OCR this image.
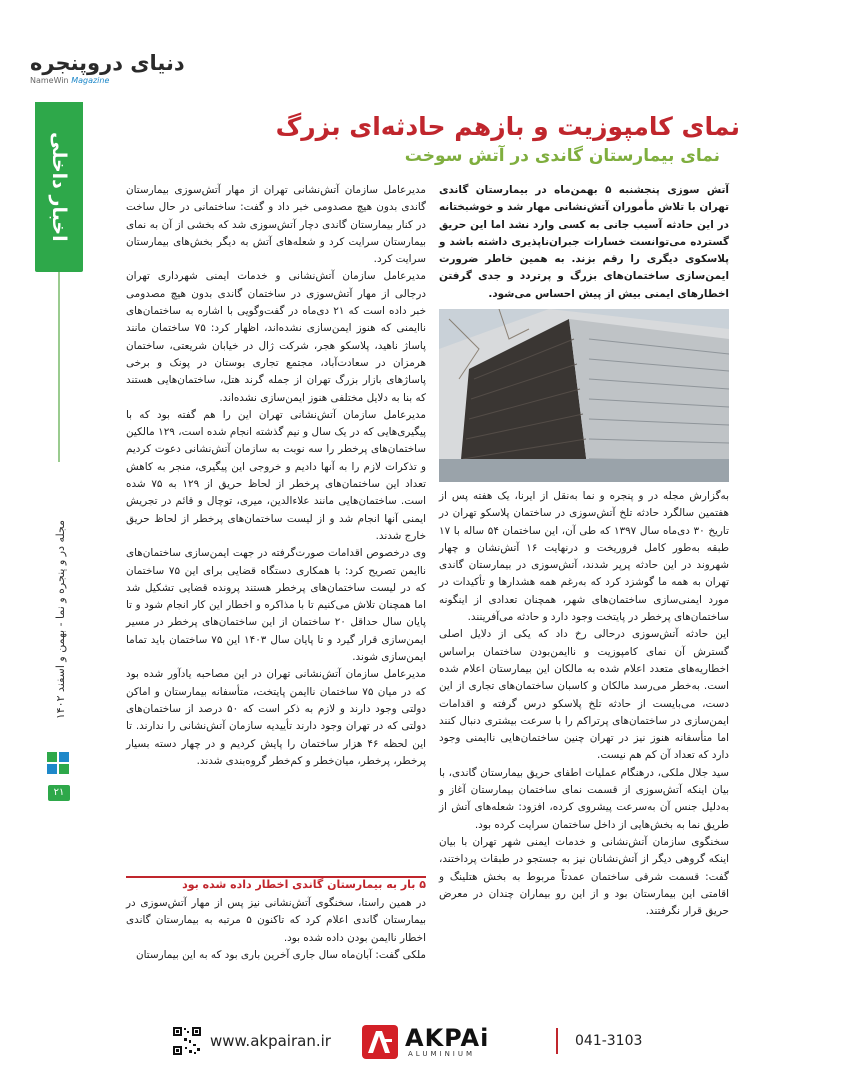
دنیای دروپنجره
NameWin Magazine
اخبار داخلی
مجله در و پنجره و نما - بهمن و اسفند ۱۴۰۲
۲۱
نمای کامپوزیت و بازهم حادثه‌ای بزرگ
نمای بیمارستان گاندی در آتش سوخت

آتش سوزی پنجشنبه ۵ بهمن‌ماه در بیمارستان گاندی تهران با تلاش مأموران آتش‌نشانی مهار شد و خوشبختانه در این حادثه آسیب جانی به کسی وارد نشد اما این حریق گسترده می‌توانست خسارات جبران‌ناپذیری داشته باشد و پلاسکوی دیگری را رقم بزند. به همین خاطر ضرورت ایمن‌سازی ساختمان‌های بزرگ و پرتردد و جدی گرفتن اخطارهای ایمنی بیش از پیش احساس می‌شود.

به‌گزارش مجله در و پنجره و نما به‌نقل از ایرنا، یک هفته پس از هفتمین سالگرد حادثه تلخ آتش‌سوزی در ساختمان پلاسکو تهران در تاریخ ۳۰ دی‌ماه سال ۱۳۹۷ که طی آن، این ساختمان ۵۴ ساله با ۱۷ طبقه به‌طور کامل فروریخت و درنهایت ۱۶ آتش‌نشان و چهار شهروند در این حادثه پرپر شدند، آتش‌سوزی در بیمارستان گاندی تهران به همه ما گوشزد کرد که به‌رغم همه هشدارها و تأکیدات در مورد ایمنی‌سازی ساختمان‌های شهر، همچنان تعدادی از اینگونه ساختمان‌های پرخطر در پایتخت وجود دارد و حادثه می‌آفرینند.

این حادثه آتش‌سوزی درحالی رخ داد که یکی از دلایل اصلی گسترش آن نمای کامپوزیت و ناایمن‌بودن ساختمان براساس اخطاریه‌های متعدد اعلام شده به مالکان این بیمارستان اعلام شده است. به‌خطر می‌رسد مالکان و کاسبان ساختمان‌های تجاری از این دست، می‌بایست از حادثه تلخ پلاسکو درس گرفته و اقدامات ایمن‌سازی در ساختمان‌های پرتراکم را با سرعت بیشتری دنبال کنند اما متأسفانه هنوز نیز در تهران چنین ساختمان‌هایی ناایمنی وجود دارد که تعداد آن کم هم نیست.

سید جلال ملکی، درهنگام عملیات اطفای حریق بیمارستان گاندی، با بیان اینکه آتش‌سوزی از قسمت نمای ساختمان بیمارستان آغاز و به‌دلیل جنس آن به‌سرعت پیشروی کرده، افزود: شعله‌های آتش از طریق نما به بخش‌هایی از داخل ساختمان سرایت کرده بود.

سخنگوی سازمان آتش‌نشانی و خدمات ایمنی شهر تهران با بیان اینکه گروهی دیگر از آتش‌نشانان نیز به جستجو در طبقات پرداختند، گفت: قسمت شرقی ساختمان عمدتاً مربوط به بخش هتلینگ و اقامتی این بیمارستان بود و از این رو بیماران چندان در معرض حریق قرار نگرفتند.

مدیرعامل سازمان آتش‌نشانی تهران از مهار آتش‌سوزی بیمارستان گاندی بدون هیچ مصدومی خبر داد و گفت: ساختمانی در حال ساخت در کنار بیمارستان گاندی دچار آتش‌سوزی شد که بخشی از آن به نمای بیمارستان سرایت کرد و شعله‌های آتش به دیگر بخش‌های بیمارستان سرایت کرد.

مدیرعامل سازمان آتش‌نشانی و خدمات ایمنی شهرداری تهران درجالی از مهار آتش‌سوزی در ساختمان گاندی بدون هیچ مصدومی خبر داده است که ۲۱ دی‌ماه در گفت‌وگویی با اشاره به ساختمان‌های ناایمنی که هنوز ایمن‌سازی نشده‌اند، اظهار کرد: ۷۵ ساختمان مانند پاساژ ناهید، پلاسکو هجر، شرکت ژال در خیابان شریعتی، ساختمان هرمزان در سعادت‌آباد، مجتمع تجاری بوستان در پونک و برخی پاساژهای بازار بزرگ تهران از جمله گرند هتل، ساختمان‌هایی هستند که بنا به دلایل مختلفی هنوز ایمن‌سازی نشده‌اند.

مدیرعامل سازمان آتش‌نشانی تهران این را هم گفته بود که با پیگیری‌هایی که در یک سال و نیم گذشته انجام شده است، ۱۲۹ مالکین ساختمان‌های پرخطر را سه نوبت به سازمان آتش‌نشانی دعوت کردیم و تذکرات لازم را به آنها دادیم و خروجی این پیگیری، منجر به کاهش تعداد این ساختمان‌های پرخطر از لحاظ حریق از ۱۲۹ به ۷۵ شده است. ساختمان‌هایی مانند علاءالدین، میری، توچال و قائم در تجریش ایمنی آنها انجام شد و از لیست ساختمان‌های پرخطر از لحاظ حریق خارج شدند.

وی درخصوص اقدامات صورت‌گرفته در جهت ایمن‌سازی ساختمان‌های ناایمن تصریح کرد: با همکاری دستگاه قضایی برای این ۷۵ ساختمان که در لیست ساختمان‌های پرخطر هستند پرونده قضایی تشکیل شد اما همچنان تلاش می‌کنیم تا با مذاکره و اخطار این کار انجام شود و تا پایان سال حداقل ۲۰ ساختمان از این ساختمان‌های پرخطر در مسیر ایمن‌سازی قرار گیرد و تا پایان سال ۱۴۰۳ این ۷۵ ساختمان باید تماما ایمن‌سازی شوند.

مدیرعامل سازمان آتش‌نشانی تهران در این مصاحبه یادآور شده بود که در میان ۷۵ ساختمان ناایمن پایتخت، متأسفانه بیمارستان و اماکن دولتی وجود دارند و لازم به ذکر است که ۵۰ درصد از ساختمان‌های دولتی که در تهران وجود دارند تأییدیه سازمان آتش‌نشانی را ندارند. تا این لحظه ۴۶ هزار ساختمان را پایش کردیم و در چهار دسته بسیار پرخطر، پرخطر، میان‌خطر و کم‌خطر گروه‌بندی شدند.

۵ بار به بیمارستان گاندی اخطار داده شده بود

در همین راستا، سخنگوی آتش‌نشانی نیز پس از مهار آتش‌سوزی در بیمارستان گاندی اعلام کرد که تاکنون ۵ مرتبه به بیمارستان گاندی اخطار ناایمن بودن داده شده بود.

ملکی گفت: آبان‌ماه سال جاری آخرین باری بود که به این بیمارستان

www.akpairan.ir	AKPAi
ALUMINIUM
041-3103
